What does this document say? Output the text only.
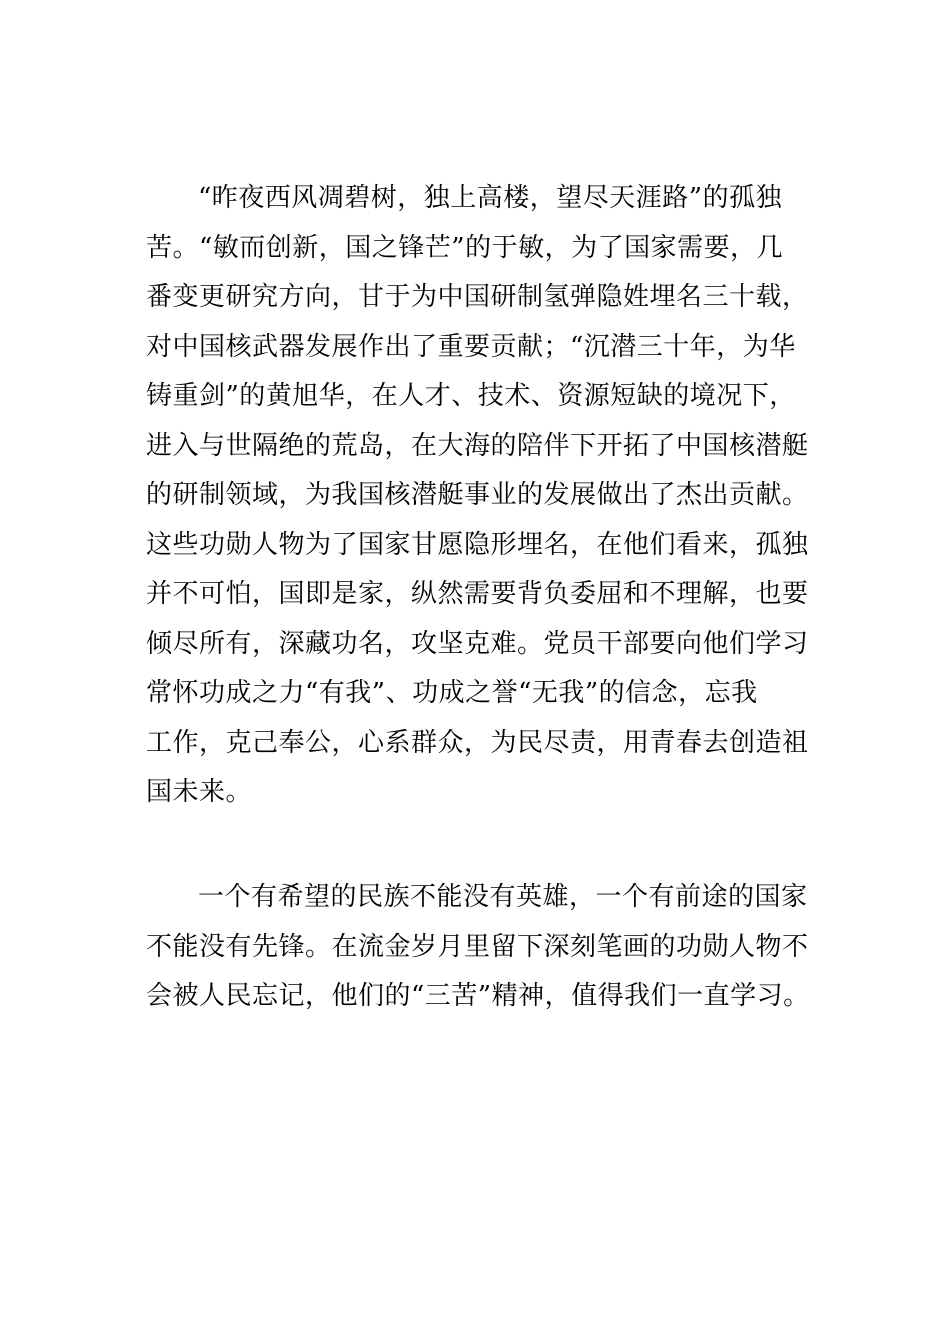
“昨夜西风凋碧树，独上高楼，望尽天涯路”的孤独
苦。“敏而创新，国之锋芒”的于敏，为了国家需要，几
番变更研究方向，甘于为中国研制氢弹隐姓埋名三十载，
对中国核武器发展作出了重要贡献；“沉潜三十年，为华
铸重剑”的黄旭华，在人才、技术、资源短缺的境况下，
进入与世隔绝的荒岛，在大海的陪伴下开拓了中国核潜艇
的研制领域，为我国核潜艇事业的发展做出了杰出贡献。
这些功勋人物为了国家甘愿隐形埋名，在他们看来，孤独
并不可怕，国即是家，纵然需要背负委屈和不理解，也要
倾尽所有，深藏功名，攻坚克难。党员干部要向他们学习
常怀功成之力“有我”、功成之誉“无我”的信念，忘我
工作，克己奉公，心系群众，为民尽责，用青春去创造祖
国未来。
一个有希望的民族不能没有英雄，一个有前途的国家
不能没有先锋。在流金岁月里留下深刻笔画的功勋人物不
会被人民忘记，他们的“三苦”精神，值得我们一直学习。
